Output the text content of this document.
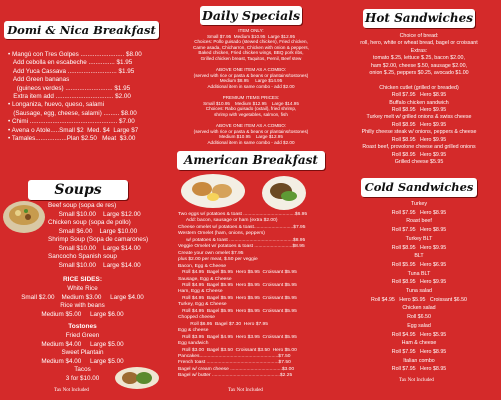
Domi & Nica Breakfast
• Mangú con Tres Golpes ......................... $8.00
Add cebolla en escabeche ............... $1.95
Add Yuca Cassava ............................ $1.95
Add Green bananas
(guineos verdes) ........................... $1.95
Extra item add ................................. $2.00
• Longaniza, huevo, queso, salami
(Sausage, egg, cheese, salami) ......... $8.00
• Chimi .................................................. $7.00
• Avena o Atole.....Small $2  Med. $4  Large $7
• Tamales..................Plan $2.50   Meat  $3.00
Soups
Beef soup (sopa de res)
Small $10.00    Large $12.00
Chicken soup (sopa de pollo)
Small $6.00    Large $10.00
Shrimp Soup (Sopa de camarones)
Small $10.00    Large $14.00
Sancocho Spanish soup
Small $10.00    Large $14.00
RICE SIDES:
White Rice
Small $2.00    Medium $3.00     Large $4.00
Rice with beans
Medium $5.00     Large $6.00
Tostones
Fried Green
Medium $4.00     Large $5.00
Sweet Plantain
Medium $4.00     Large $5.00
Tacos
3 for $10.00
Tax Not Included
Daily Specials
ITEM ONLY:
Small $7.95  Medium $10.95  Large $12.95
Choices: Pollo guisado (stewed chicken), Fried chicken,
Carne asada, Chicharron, Chicken with onion & peppers,
Baked chicken, Fried chicken wings, BBQ pork ribs,
Grilled chicken breast, Taquitos, Pernil, Beef stew

ABOVE ONE ITEM AS A COMBO:
(served with rice or pasta & beans or plantains/tostones)
Medium $8.95     Large $14.95
Additional item in same combo - add $2.00

PREMIUM ITEMS PRICES:
Small $10.95    Medium $12.95    Large $14.95
Choices: Rabo guisado (oxtail), fried shrimp,
shrimp with vegetables, salmon, fish

ABOVE ONE ITEM AS A COMBO:
(served with rice or pasta & beans or plantains/tostones)
Medium $10.95    Large $12.95
Additional item in same combo - add $2.00
American Breakfast
Two eggs w/ potatoes & toast ......................................$6.95
Add: bacon, sausage or ham (extra $2.00)
Cheese omelet w/ potatoes & toast.............................$7.95
Western Omelet (ham, onions, peppers)
w/ potatoes & toast ...............................................$8.95
Veggie Omelet w/ potatoes & toast ............................$8.95
Create your own omelet $7.95
plus $2.00 per meat, $.50 per veggie
Bacon, Egg & Cheese
Roll $4.95  Bagel $5.95  Hero $5.95  Croissant $5.95
Sausage, Egg & Cheese
Roll $4.95  Bagel $5.95  Hero $5.95  Croissant $5.95
Ham, Egg & Cheese
Roll $4.95  Bagel $5.95  Hero $5.95  Croissant $5.95
Turkey, Egg & Cheese
Roll $4.95  Bagel $5.95  Hero $5.95  Croissant $5.95
Chopped cheese
Roll $6.95  Bagel $7.30  Hero $7.95
Egg & cheese
Roll $3.95  Bagel $4.95  Hero $3.95  Croissant $5.95
Egg sandwich
Roll $3.00  Bagel $3.50  Croissant $3.50  Hero $5.00
Pancakes..........................................................$7.50
French toast .....................................................$7.50
Bagel w/ cream cheese ......................................$3.00
Bagel w/ butter ..................................................$2.25
Tax Not Included
Hot Sandwiches
Choice of bread:
roll, hero, white or wheat bread, bagel or croissant
Extras:
tomato $.25, lettuce $.25, bacon $2.00,
ham $2.00, cheese $.50, sausage $2.00,
onion $.25, peppers $0.25, avocado $1.00

Chicken cutlet (grilled or breaded)
Roll $7.95   Hero $8.95
Buffalo chicken sandwich
Roll $8.95   Hero $9.95
Turkey melt w/ grilled onions & swiss cheese
Roll $8.95   Hero $9.95
Philly cheese steak w/ onions, peppers & cheese
Roll $8.95   Hero $9.95
Roast beef, provolone cheese and grilled onions
Roll $8.95   Hero $9.95
Grilled cheese $5.95
Cold Sandwiches
Turkey
Roll $7.95   Hero $8.95
Roast beef
Roll $7.95   Hero $8.95
Turkey BLT
Roll $8.95   Hero $9.95
BLT
Roll $5.95   Hero $6.95
Tuna BLT
Roll $8.95   Hero $9.95
Tuna salad
Roll $4.95   Hero $5.95   Croissant $6.50
Chicken salad
Roll $6.50
Egg salad
Roll $4.95   Hero $5.95
Ham & cheese
Roll $7.95   Hero $8.95
Italian combo
Roll $7.95   Hero $8.95
Tax Not Included
